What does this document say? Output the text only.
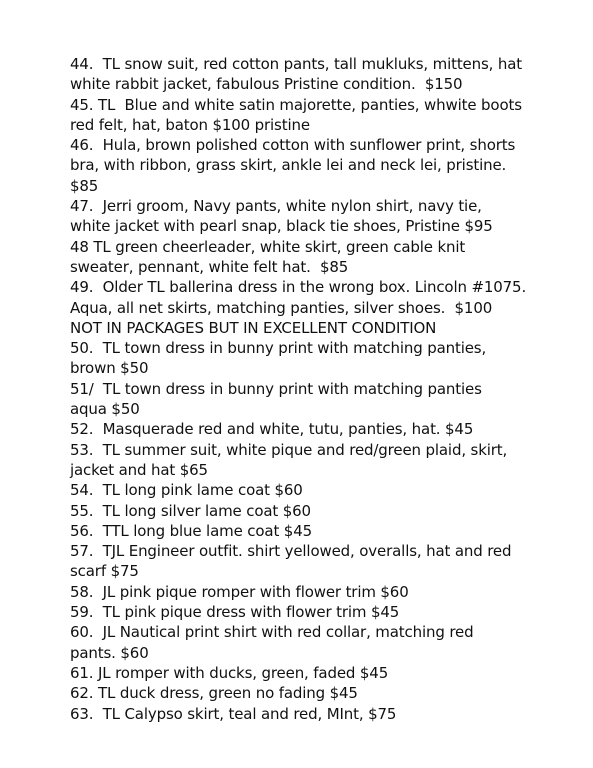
44.  TL snow suit, red cotton pants, tall mukluks, mittens, hat
white rabbit jacket, fabulous Pristine condition.  $150
45. TL  Blue and white satin majorette, panties, whwite boots
red felt, hat, baton $100 pristine
46.  Hula, brown polished cotton with sunflower print, shorts
bra, with ribbon, grass skirt, ankle lei and neck lei, pristine.
$85
47.  Jerri groom, Navy pants, white nylon shirt, navy tie,
white jacket with pearl snap, black tie shoes, Pristine $95
48 TL green cheerleader, white skirt, green cable knit
sweater, pennant, white felt hat.  $85
49.  Older TL ballerina dress in the wrong box. Lincoln #1075.
Aqua, all net skirts, matching panties, silver shoes.  $100
NOT IN PACKAGES BUT IN EXCELLENT CONDITION
50.  TL town dress in bunny print with matching panties,
brown $50
51/  TL town dress in bunny print with matching panties
aqua $50
52.  Masquerade red and white, tutu, panties, hat. $45
53.  TL summer suit, white pique and red/green plaid, skirt,
jacket and hat $65
54.  TL long pink lame coat $60
55.  TL long silver lame coat $60
56.  TTL long blue lame coat $45
57.  TJL Engineer outfit. shirt yellowed, overalls, hat and red
scarf $75
58.  JL pink pique romper with flower trim $60
59.  TL pink pique dress with flower trim $45
60.  JL Nautical print shirt with red collar, matching red
pants. $60
61. JL romper with ducks, green, faded $45
62. TL duck dress, green no fading $45
63.  TL Calypso skirt, teal and red, MInt, $75
